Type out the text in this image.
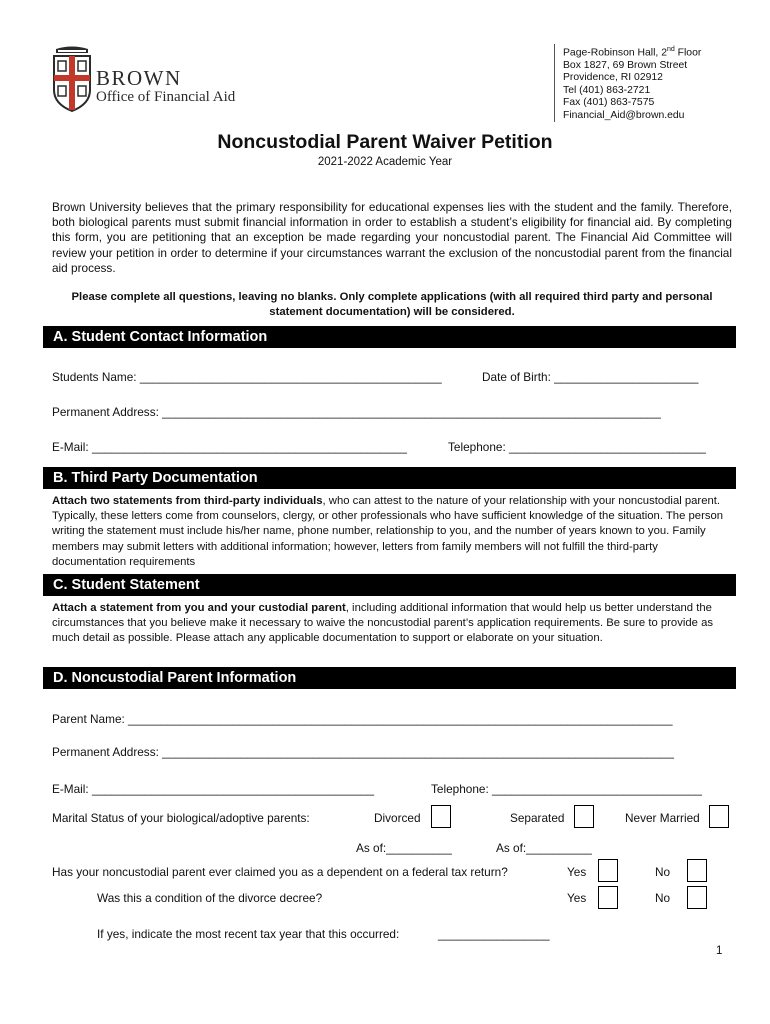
BROWN
Office of Financial Aid
Page-Robinson Hall, 2nd Floor
Box 1827, 69 Brown Street
Providence, RI 02912
Tel (401) 863-2721
Fax (401) 863-7575
Financial_Aid@brown.edu
Noncustodial Parent Waiver Petition
2021-2022 Academic Year
Brown University believes that the primary responsibility for educational expenses lies with the student and the family. Therefore, both biological parents must submit financial information in order to establish a student’s eligibility for financial aid. By completing this form, you are petitioning that an exception be made regarding your noncustodial parent. The Financial Aid Committee will review your petition in order to determine if your circumstances warrant the exclusion of the noncustodial parent from the financial aid process.
Please complete all questions, leaving no blanks. Only complete applications (with all required third party and personal statement documentation) will be considered.
A. Student Contact Information
Students Name: ______________________________________________	Date of Birth: ______________________
Permanent Address: ____________________________________________________________________________
E-Mail: ________________________________________________	Telephone: ______________________________
B. Third Party Documentation
Attach two statements from third-party individuals, who can attest to the nature of your relationship with your noncustodial parent. Typically, these letters come from counselors, clergy, or other professionals who have sufficient knowledge of the situation. The person writing the statement must include his/her name, phone number, relationship to you, and the number of years known to you. Family members may submit letters with additional information; however, letters from family members will not fulfill the third-party documentation requirements
C. Student Statement
Attach a statement from you and your custodial parent, including additional information that would help us better understand the circumstances that you believe make it necessary to waive the noncustodial parent’s application requirements. Be sure to provide as much detail as possible. Please attach any applicable documentation to support or elaborate on your situation.
D. Noncustodial Parent Information
Parent Name: ___________________________________________________________________________________
Permanent Address: ______________________________________________________________________________
E-Mail: ___________________________________________	Telephone: ________________________________
Marital Status of your biological/adoptive parents:	Divorced	Separated	Never Married
As of:__________	As of:__________
Has your noncustodial parent ever claimed you as a dependent on a federal tax return?	Yes	No
Was this a condition of the divorce decree?	Yes	No
If yes, indicate the most recent tax year that this occurred:	_________________
1
